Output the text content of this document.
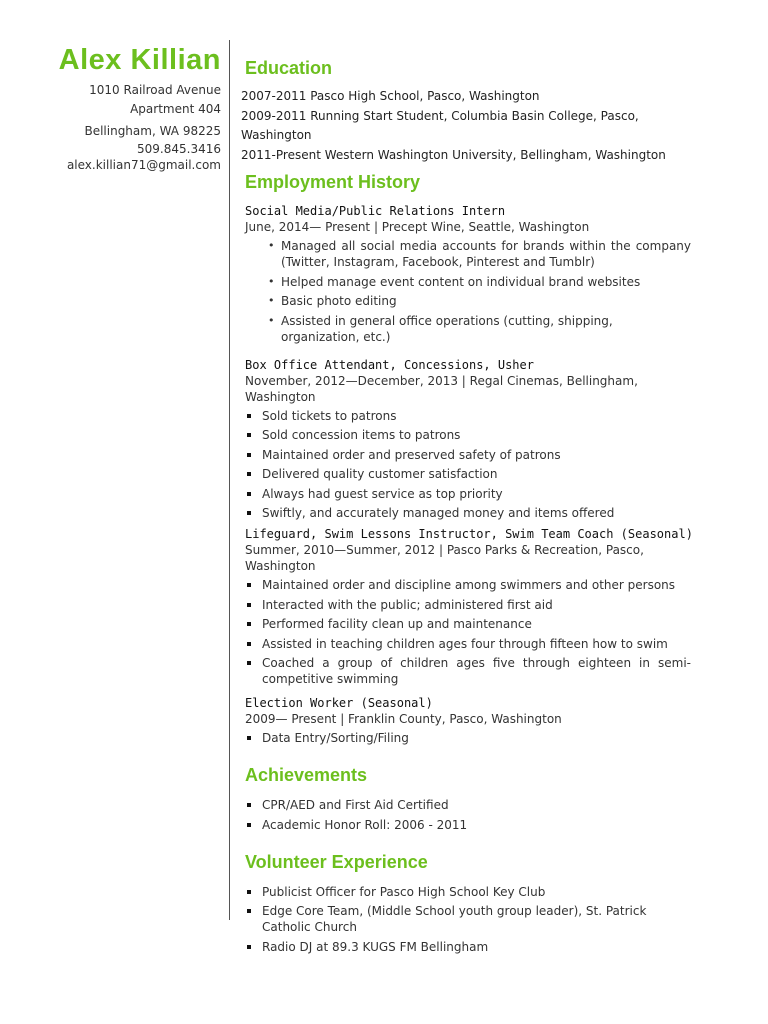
Alex Killian
1010 Railroad Avenue
Apartment 404
Bellingham, WA 98225
509.845.3416
alex.killian71@gmail.com
Education
2007-2011 Pasco High School, Pasco, Washington
2009-2011 Running Start Student, Columbia Basin College, Pasco, Washington
2011-Present Western Washington University, Bellingham, Washington
Employment History
Social Media/Public Relations Intern
June, 2014— Present | Precept Wine, Seattle, Washington
• Managed all social media accounts for brands within the company (Twitter, Instagram, Facebook, Pinterest and Tumblr)
• Helped manage event content on individual brand websites
• Basic photo editing
• Assisted in general office operations (cutting, shipping, organization, etc.)
Box Office Attendant, Concessions, Usher
November, 2012—December, 2013 | Regal Cinemas, Bellingham, Washington
Sold tickets to patrons
Sold concession items to patrons
Maintained order and preserved safety of patrons
Delivered quality customer satisfaction
Always had guest service as top priority
Swiftly, and accurately managed money and items offered
Lifeguard, Swim Lessons Instructor, Swim Team Coach (Seasonal)
Summer, 2010—Summer, 2012 | Pasco Parks & Recreation, Pasco, Washington
Maintained order and discipline among swimmers and other persons
Interacted with the public; administered first aid
Performed facility clean up and maintenance
Assisted in teaching children ages four through fifteen how to swim
Coached a group of children ages five through eighteen in semi-competitive swimming
Election Worker (Seasonal)
2009— Present | Franklin County, Pasco, Washington
Data Entry/Sorting/Filing
Achievements
CPR/AED and First Aid Certified
Academic Honor Roll: 2006 - 2011
Volunteer Experience
Publicist Officer for Pasco High School Key Club
Edge Core Team, (Middle School youth group leader), St. Patrick Catholic Church
Radio DJ at 89.3 KUGS FM Bellingham
